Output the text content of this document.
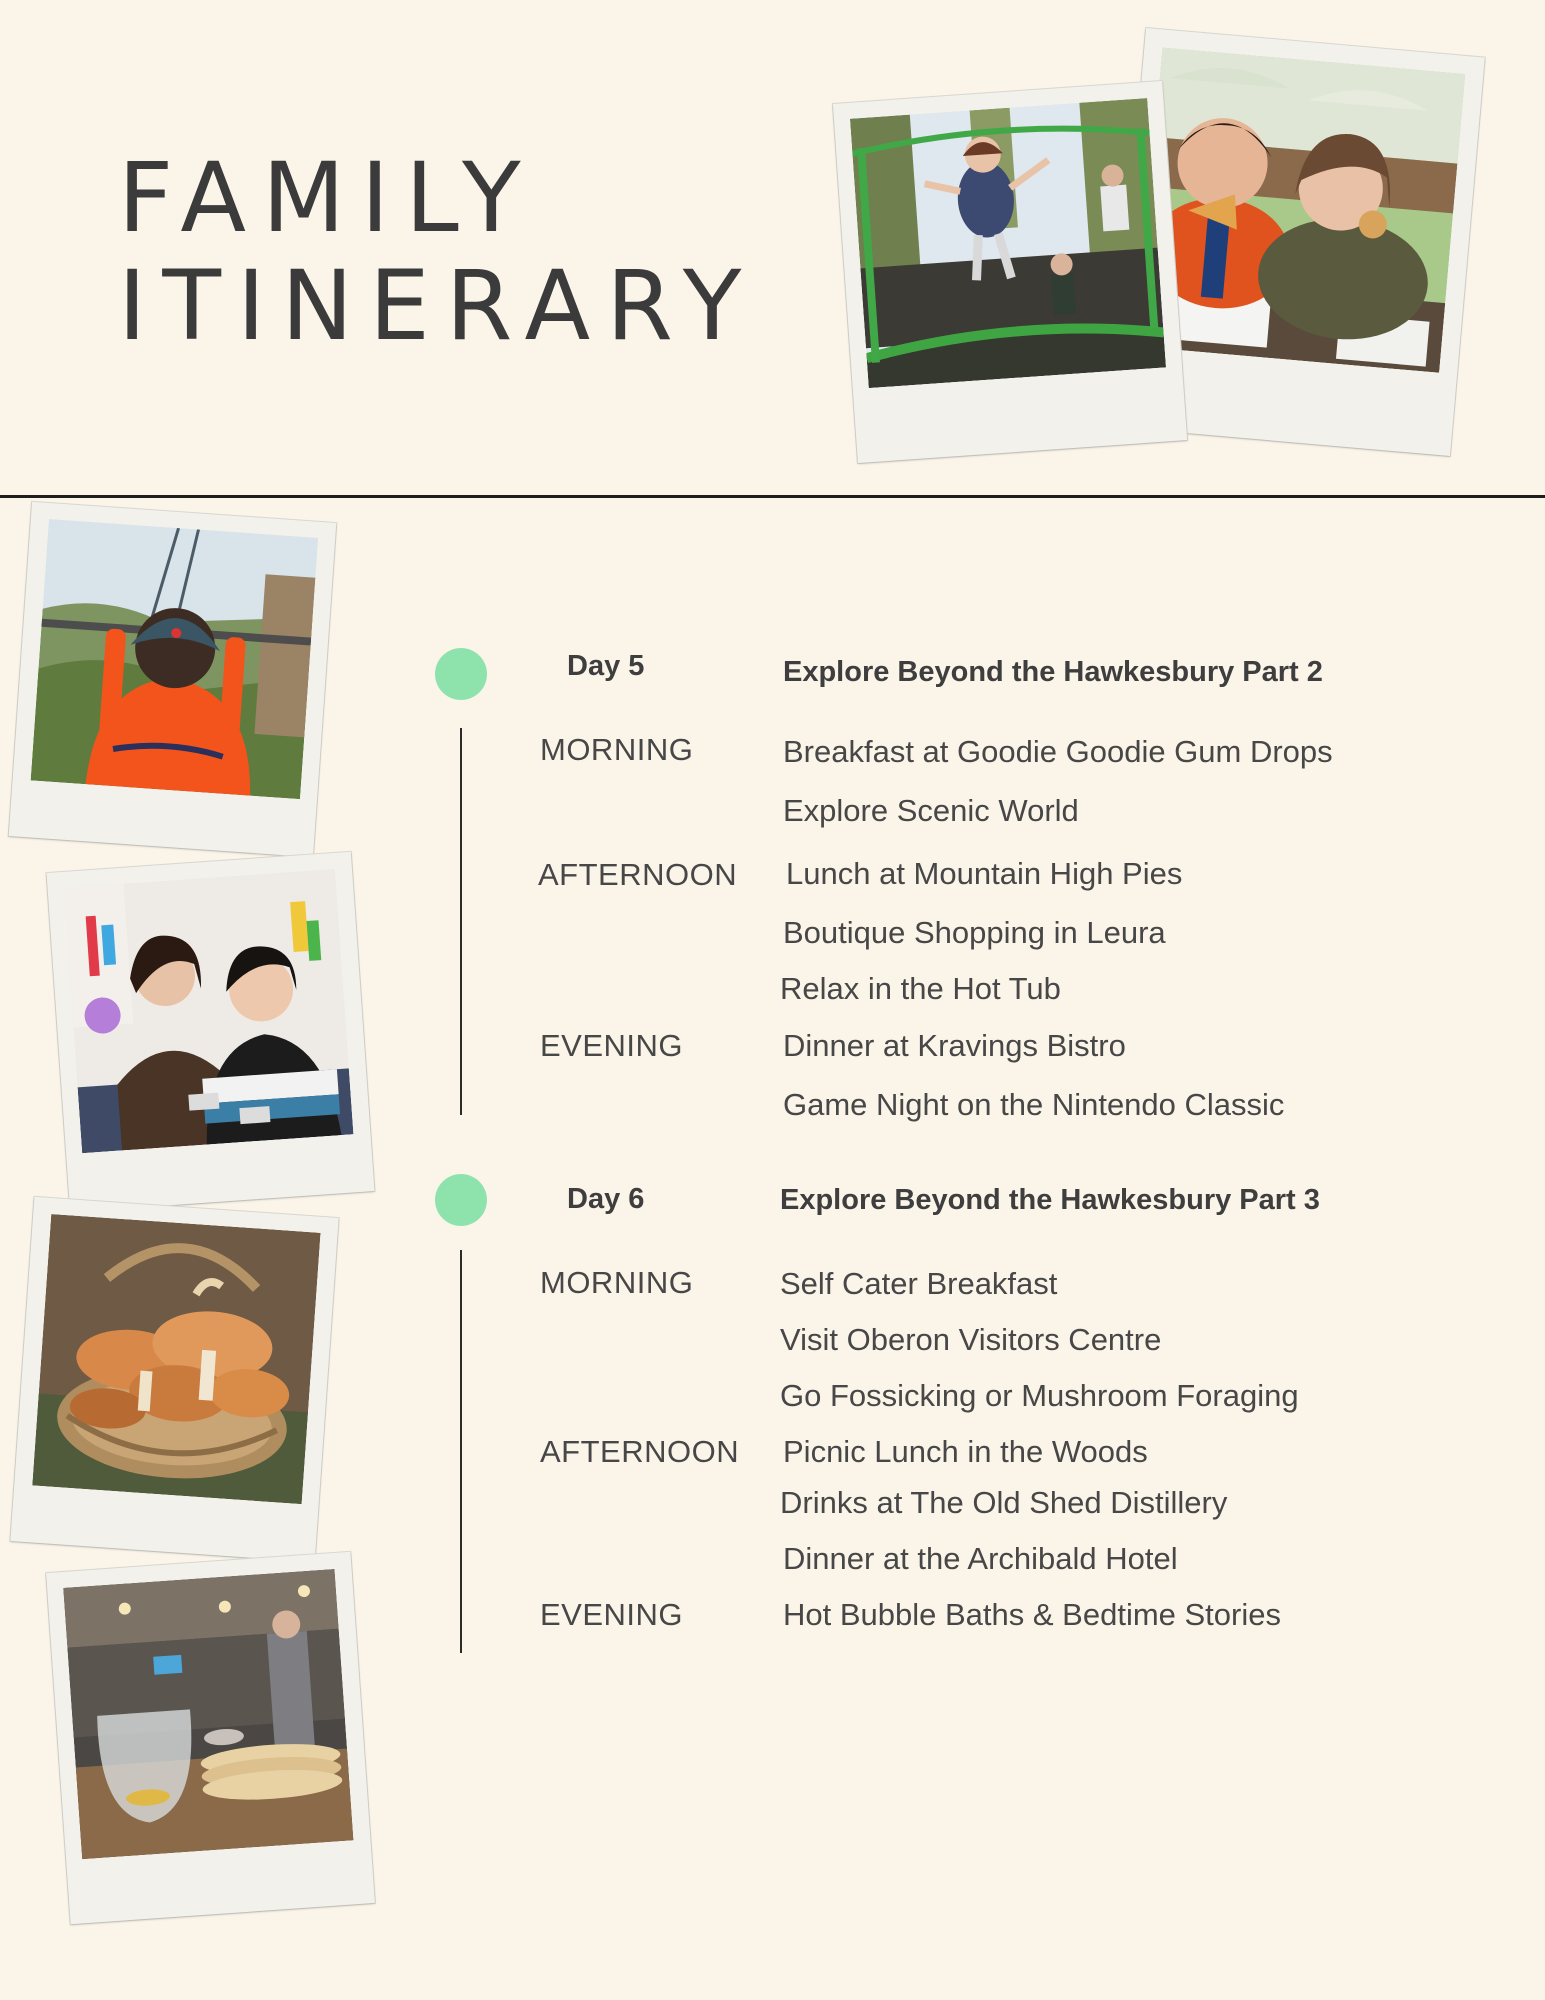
FAMILY
ITINERARY
Day 5	Explore Beyond the Hawkesbury Part 2
MORNING
AFTERNOON
EVENING
Breakfast at Goodie Goodie Gum Drops
Explore Scenic World
Lunch at Mountain High Pies
Boutique Shopping in Leura
Relax in the Hot Tub
Dinner at Kravings Bistro
Game Night on the Nintendo Classic
Day 6	Explore Beyond the Hawkesbury Part 3
MORNING
AFTERNOON
EVENING
Self Cater Breakfast
Visit Oberon Visitors Centre
Go Fossicking or Mushroom Foraging
Picnic Lunch in the Woods
Drinks at The Old Shed Distillery
Dinner at the Archibald Hotel
Hot Bubble Baths & Bedtime Stories
